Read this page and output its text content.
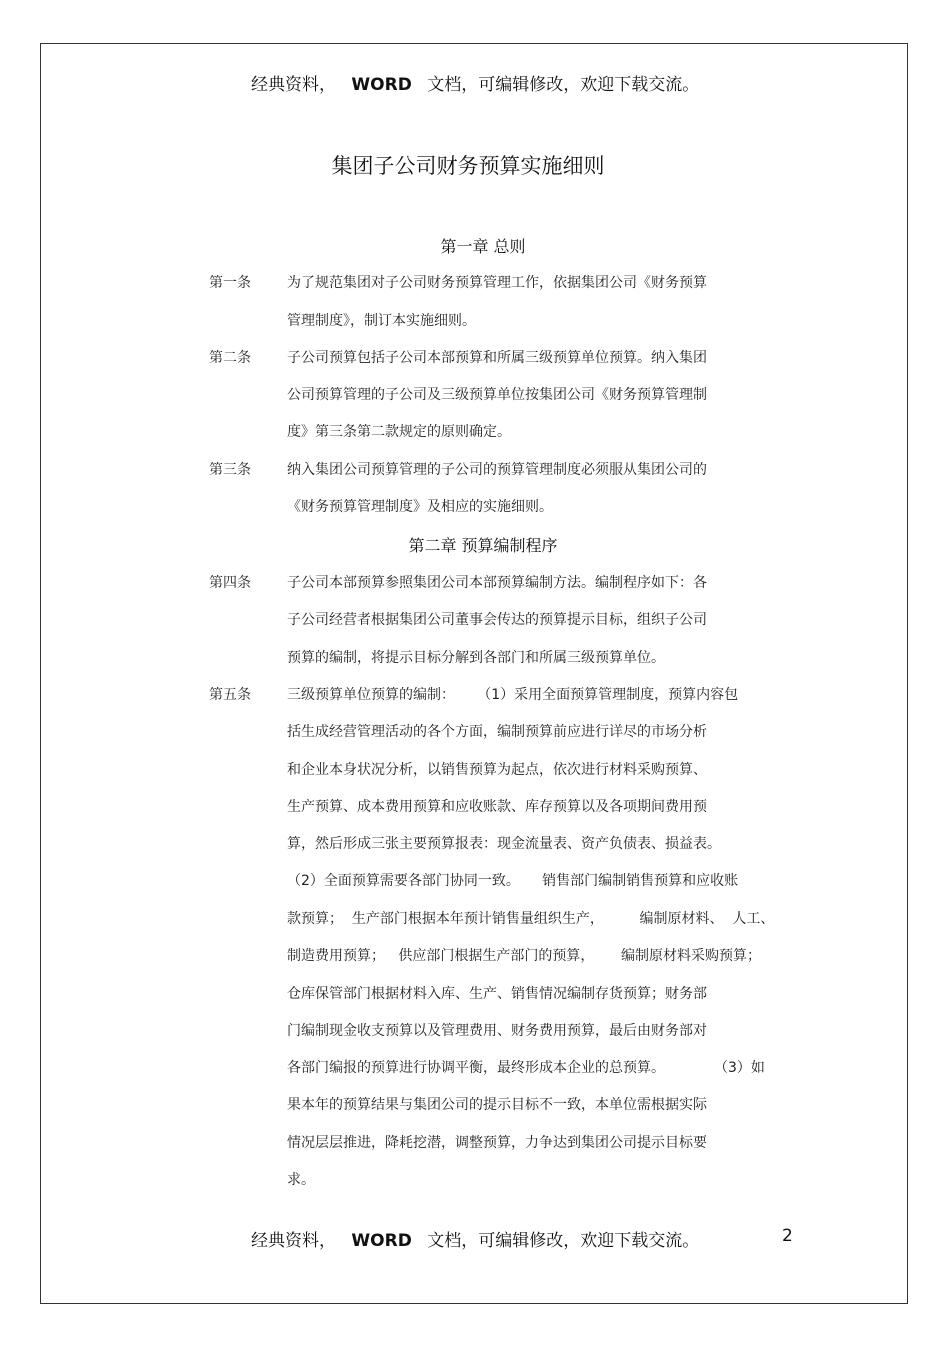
经典资料， WORD 文档，可编辑修改，欢迎下载交流。
集团子公司财务预算实施细则
第一章 总则
第一条	为了规范集团对子公司财务预算管理工作，依据集团公司《财务预算
管理制度》，制订本实施细则。
第二条	子公司预算包括子公司本部预算和所属三级预算单位预算。纳入集团
公司预算管理的子公司及三级预算单位按集团公司《财务预算管理制
度》第三条第二款规定的原则确定。
第三条	纳入集团公司预算管理的子公司的预算管理制度必须服从集团公司的
《财务预算管理制度》及相应的实施细则。
第二章 预算编制程序
第四条	子公司本部预算参照集团公司本部预算编制方法。编制程序如下：各
子公司经营者根据集团公司董事会传达的预算提示目标，组织子公司
预算的编制，将提示目标分解到各部门和所属三级预算单位。
第五条	三级预算单位预算的编制：     （1）采用全面预算管理制度，预算内容包
括生成经营管理活动的各个方面，编制预算前应进行详尽的市场分析
和企业本身状况分析，以销售预算为起点，依次进行材料采购预算、
生产预算、成本费用预算和应收账款、库存预算以及各项期间费用预
算，然后形成三张主要预算报表：现金流量表、资产负债表、损益表。
（2）全面预算需要各部门协同一致。     销售部门编制销售预算和应收账
款预算；  生产部门根据本年预计销售量组织生产，        编制原材料、  人工、
制造费用预算；   供应部门根据生产部门的预算，      编制原材料采购预算；
仓库保管部门根据材料入库、生产、销售情况编制存货预算；财务部
门编制现金收支预算以及管理费用、财务费用预算，最后由财务部对
各部门编报的预算进行协调平衡，最终形成本企业的总预算。           （3）如
果本年的预算结果与集团公司的提示目标不一致，本单位需根据实际
情况层层推进，降耗挖潜，调整预算，力争达到集团公司提示目标要
求。
经典资料， WORD 文档，可编辑修改，欢迎下载交流。	2
